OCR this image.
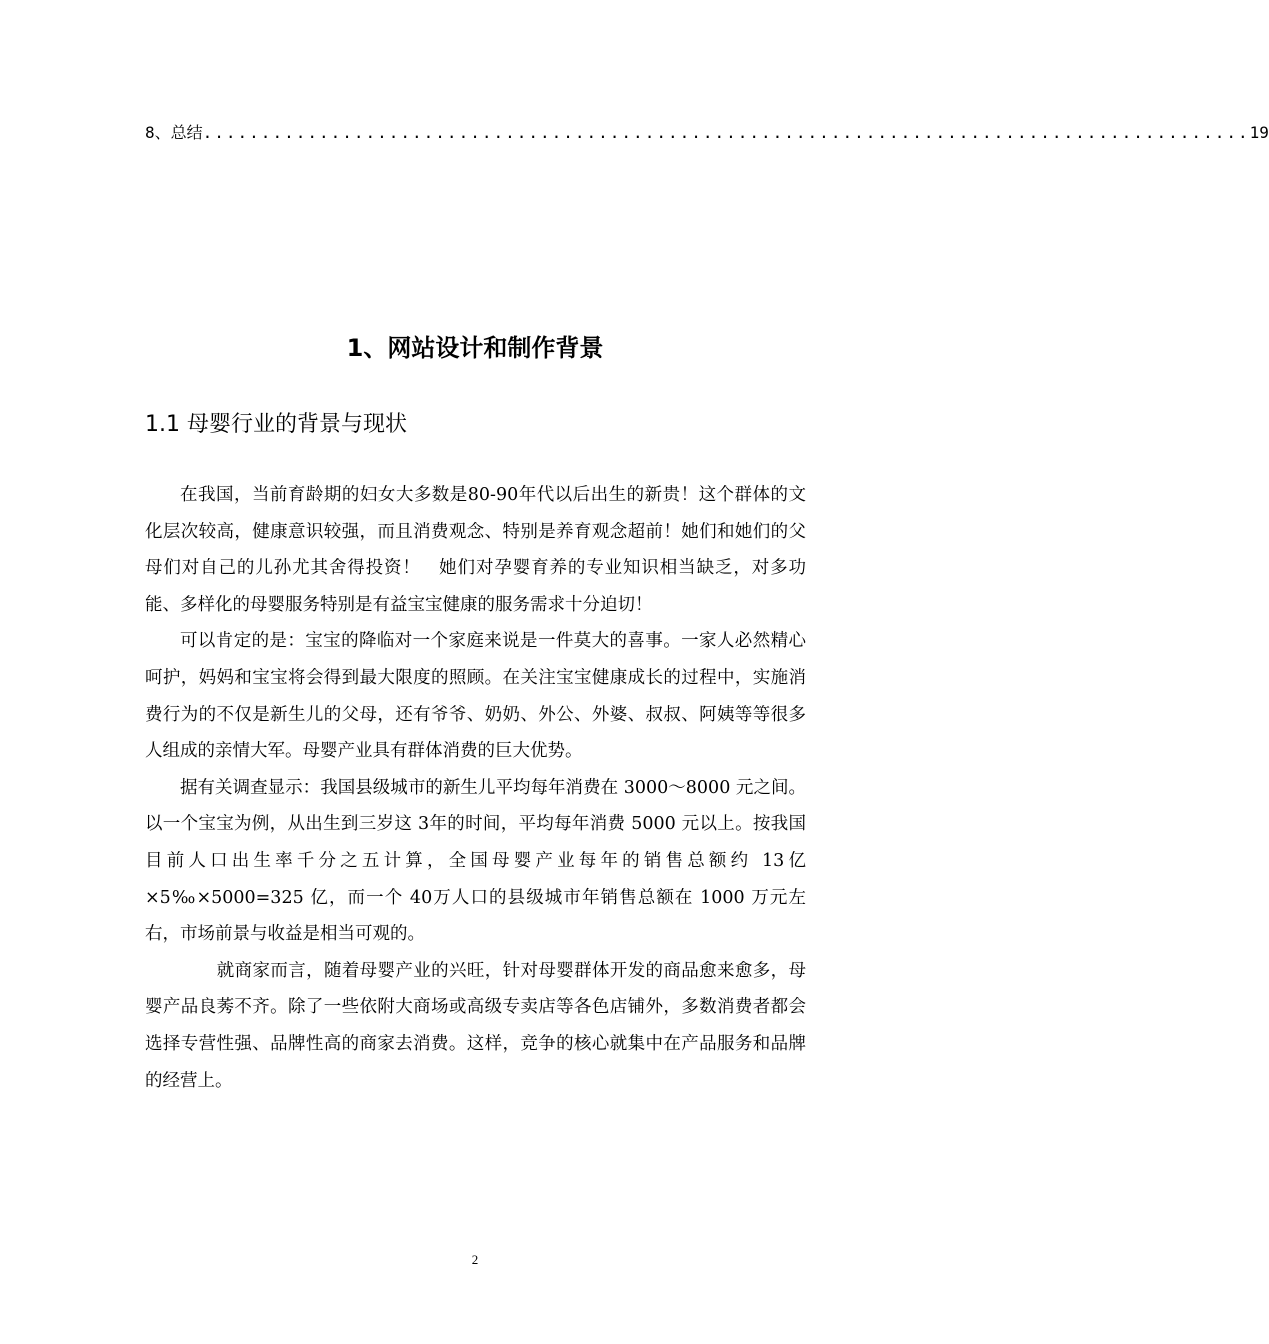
8、总结 .......................................................................................... 19
1、网站设计和制作背景
1.1 母婴行业的背景与现状

在我国，当前育龄期的妇女大多数是80-90年代以后出生的新贵！这个群体的文化层次较高，健康意识较强，而且消费观念、特别是养育观念超前！她们和她们的父母们对自己的儿孙尤其舍得投资！　她们对孕婴育养的专业知识相当缺乏，对多功能、多样化的母婴服务特别是有益宝宝健康的服务需求十分迫切！

可以肯定的是：宝宝的降临对一个家庭来说是一件莫大的喜事。一家人必然精心呵护，妈妈和宝宝将会得到最大限度的照顾。在关注宝宝健康成长的过程中，实施消费行为的不仅是新生儿的父母，还有爷爷、奶奶、外公、外婆、叔叔、阿姨等等很多人组成的亲情大军。母婴产业具有群体消费的巨大优势。

据有关调查显示：我国县级城市的新生儿平均每年消费在 3000～8000 元之间。以一个宝宝为例，从出生到三岁这 3年的时间，平均每年消费 5000 元以上。按我国目前人口出生率千分之五计算，全国母婴产业每年的销售总额约 13亿×5‰×5000=325 亿，而一个 40万人口的县级城市年销售总额在 1000 万元左右，市场前景与收益是相当可观的。

就商家而言，随着母婴产业的兴旺，针对母婴群体开发的商品愈来愈多，母婴产品良莠不齐。除了一些依附大商场或高级专卖店等各色店铺外，多数消费者都会选择专营性强、品牌性高的商家去消费。这样，竞争的核心就集中在产品服务和品牌的经营上。

2
